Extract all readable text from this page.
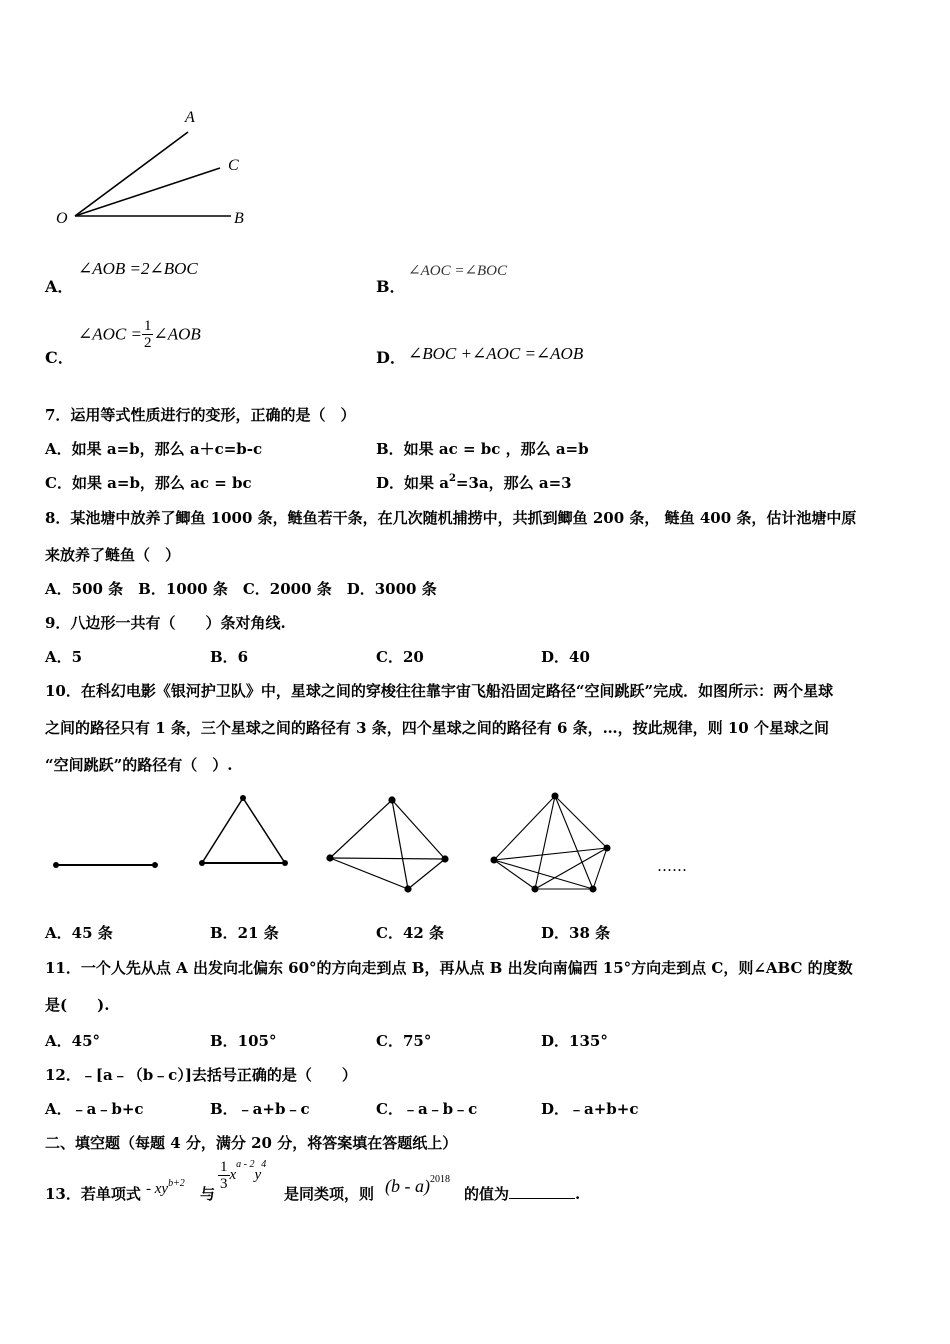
A
C
O	B
A．
∠AOB =2∠BOC
B．
∠AOC =∠BOC
C．
∠AOC = $\frac{1}{2}$ ∠AOB
D． ∠BOC +∠AOC =∠AOB
7．运用等式性质进行的变形，正确的是（　）
A．如果 a=b，那么 a＋c=b-c	B．如果 ac = bc ，那么 a=b
C．如果 a=b，那么 ac = bc	D．如果 $a^2=3a$，那么 a=3
8．某池塘中放养了鲫鱼 1000 条，鲢鱼若干条，在几次随机捕捞中，共抓到鲫鱼 200 条， 鲢鱼 400 条，估计池塘中原
来放养了鲢鱼（　）
A．500 条　B．1000 条　C．2000 条　D．3000 条
9．八边形一共有（　　）条对角线.
A．5	B．6	C．20	D．40
10．在科幻电影《银河护卫队》中，星球之间的穿梭往往靠宇宙飞船沿固定路径“空间跳跃”完成．如图所示：两个星球
之间的路径只有 1 条，三个星球之间的路径有 3 条，四个星球之间的路径有 6 条，…，按此规律，则 10 个星球之间
“空间跳跃”的路径有（　）.
……
A．45 条	B．21 条	C．42 条	D．38 条
11．一个人先从点 A 出发向北偏东 60°的方向走到点 B，再从点 B 出发向南偏西 15°方向走到点 C，则∠ABC 的度数
是(　　).
A．45°	B．105°	C．75°	D．135°
12．﹣[a﹣（b﹣c）]去括号正确的是（　　）
A．﹣a﹣b+c	B．﹣a+b﹣c	C．﹣a﹣b﹣c	D．﹣a+b+c
二、填空题（每题 4 分，满分 20 分，将答案填在答题纸上）
13．若单项式 - $xy^{b+2}$
与
$\frac{1}{3} x^{a - 2}y^4$
是同类项，则 (b - a)$^{2018}$
的值为	.
